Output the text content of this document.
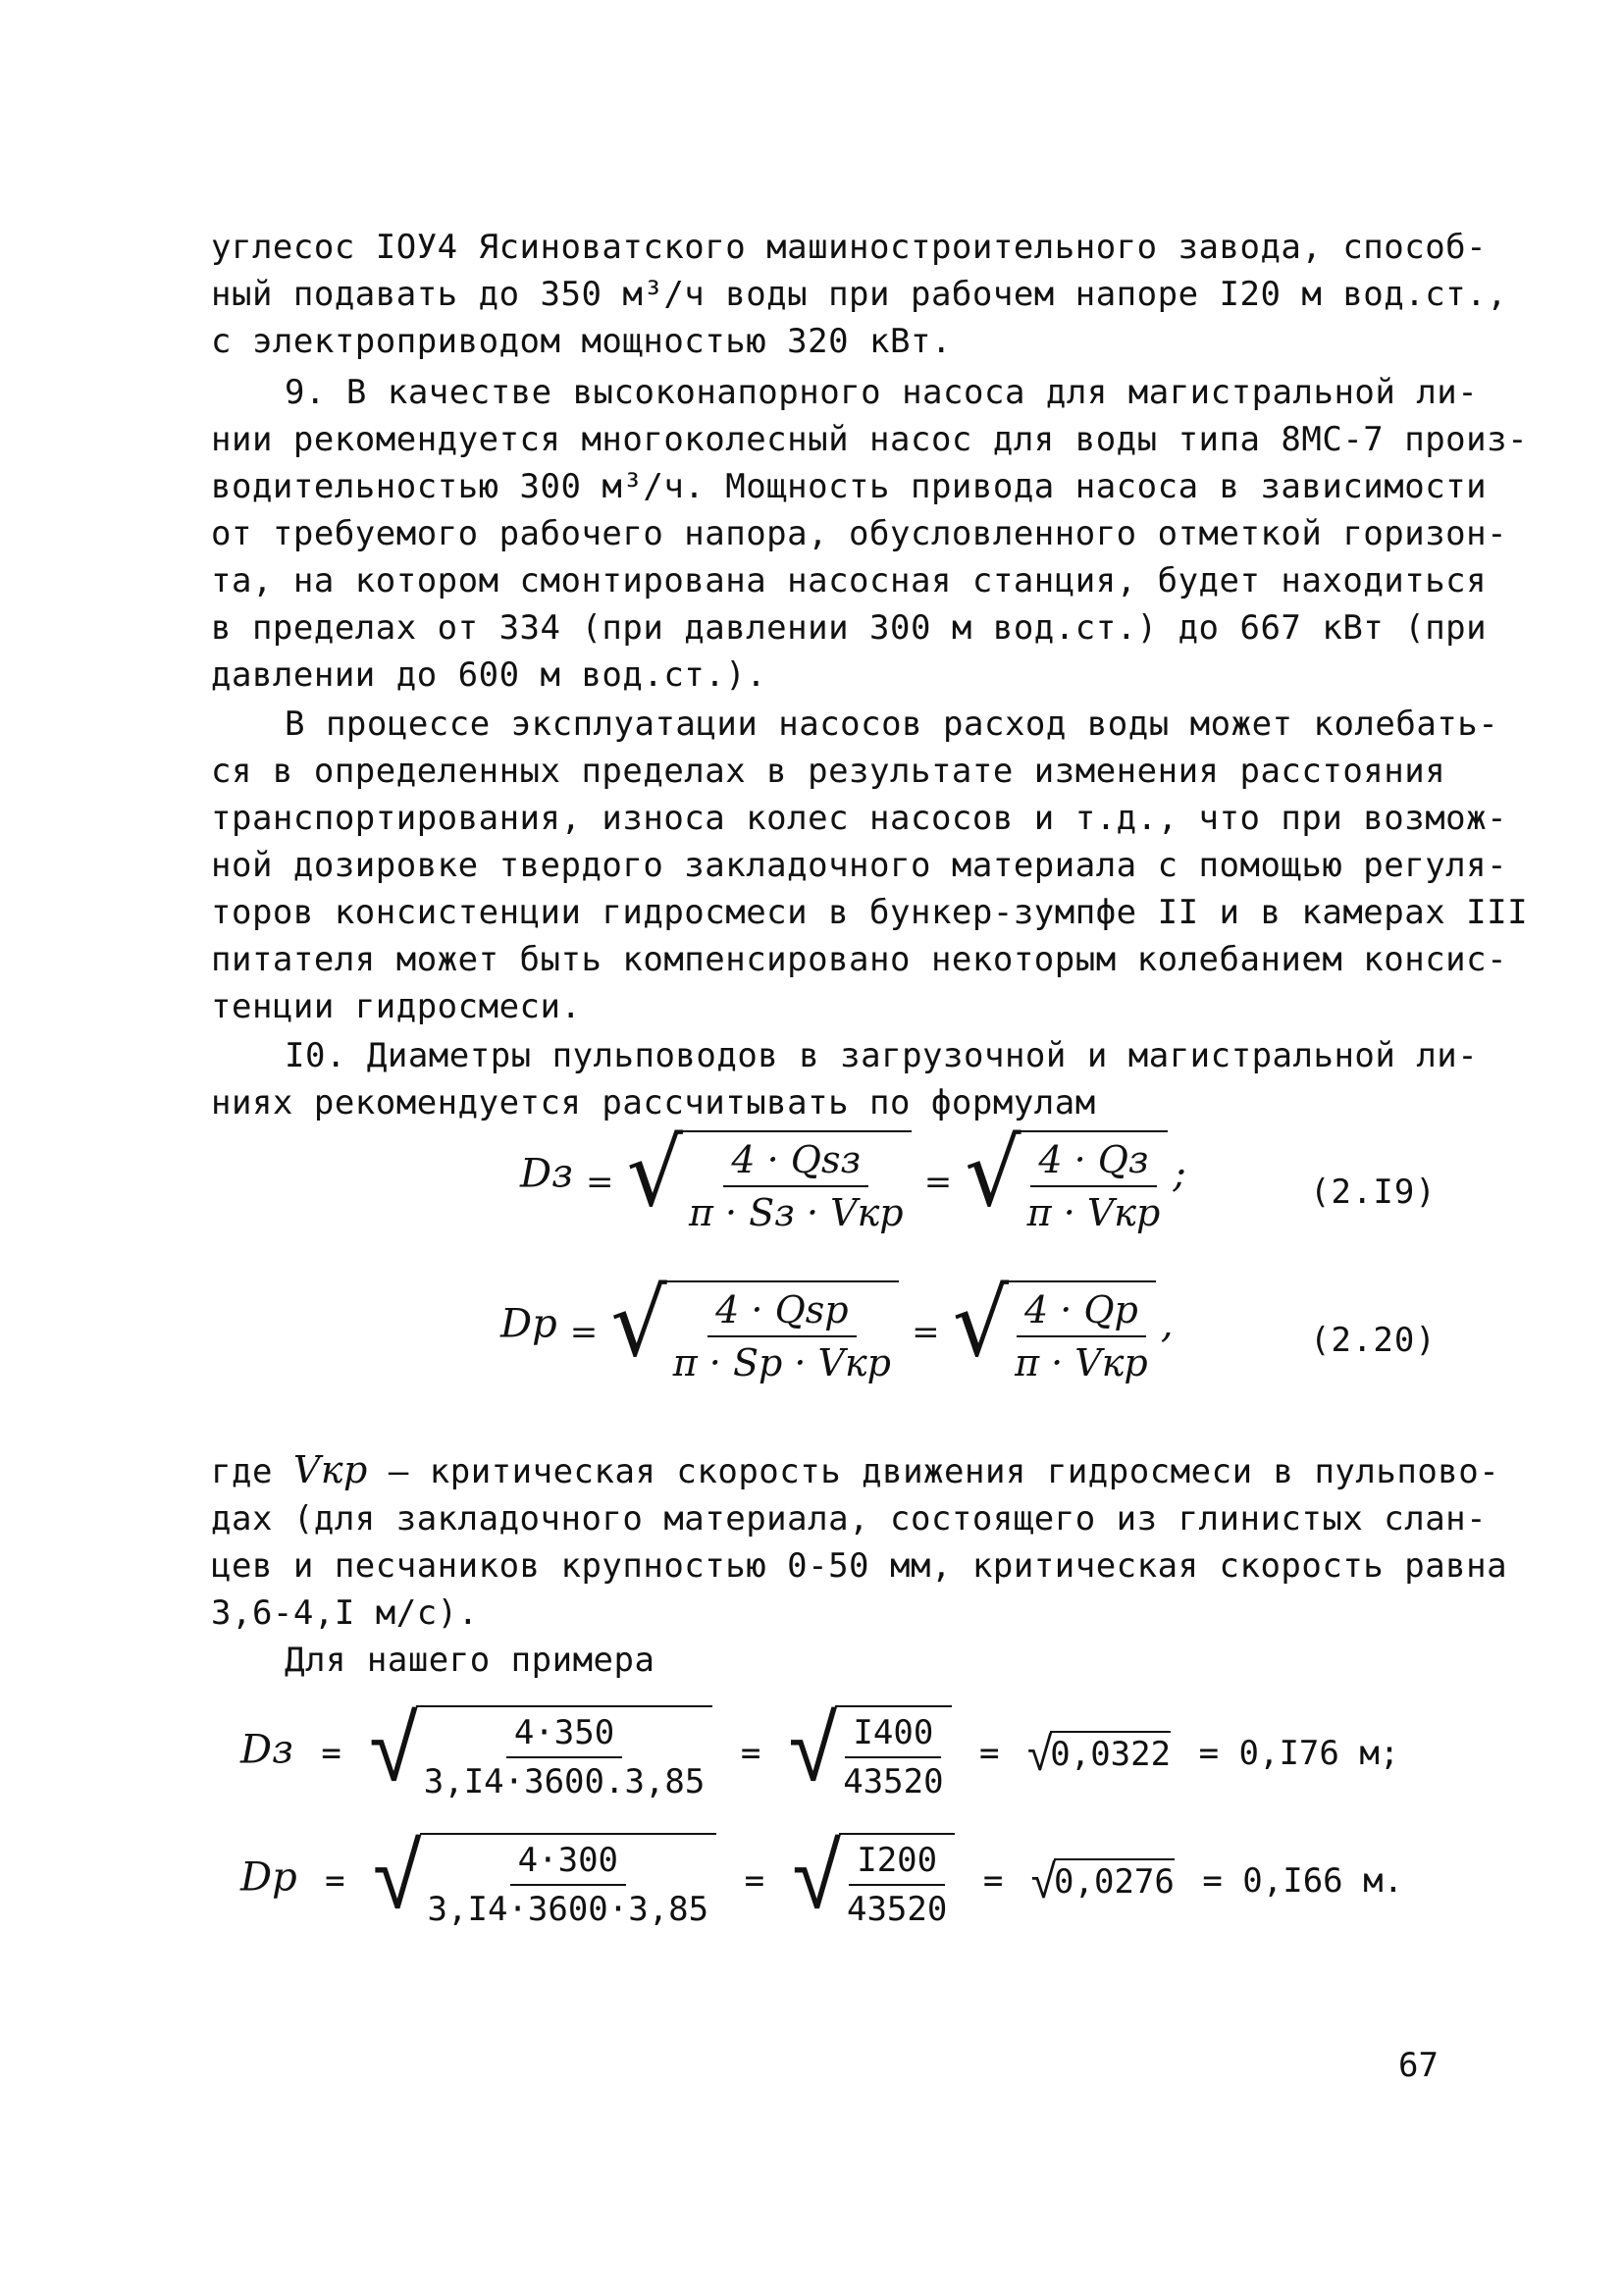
углесос IОУ4 Ясиноватского машиностроительного завода, способ-
ный подавать до 350 м³/ч воды при рабочем напоре I20 м вод.ст.,
с электроприводом мощностью 320 кВт.
9. В качестве высоконапорного насоса для магистральной ли-
нии рекомендуется многоколесный насос для воды типа 8МС-7 произ-
водительностью 300 м³/ч. Мощность привода насоса в зависимости
от требуемого рабочего напора, обусловленного отметкой горизон-
та, на котором смонтирована насосная станция, будет находиться
в пределах от 334 (при давлении 300 м вод.ст.) до 667 кВт (при
давлении до 600 м вод.ст.).
В процессе эксплуатации насосов расход воды может колебать-
ся в определенных пределах в результате изменения расстояния
транспортирования, износа колес насосов и т.д., что при возмож-
ной дозировке твердого закладочного материала с помощью регуля-
торов консистенции гидросмеси в бункер-зумпфе II и в камерах III
питателя может быть компенсировано некоторым колебанием консис-
тенции гидросмеси.
I0. Диаметры пульповодов в загрузочной и магистральной ли-
ниях рекомендуется рассчитывать по формулам
Dз = √
$\frac{\text{4 · Qsз}}{\text{π · Sз · Vкр}}$ = √
$\frac{4 \cdot Qз}{\text{π · Vкр}}$ ;	(2.I9)
Dр = √
$\frac{\text{4 · Qsр}}{\text{π · Sр · Vкр}}$ = √
$\frac{4 \cdot Qр}{\text{π · Vкр}}$ ,	(2.20)
где Vкр – критическая скорость движения гидросмеси в пульпово-
дах (для закладочного материала, состоящего из глинистых слан-
цев и песчаников крупностью 0-50 мм, критическая скорость равна
3,6-4,I м/с).
Для нашего примера
Dз = √
$\frac{4\cdot 350}{3,I4\cdot 3600.3,85}$ = √
$\frac{I400}{43520}$ = √
0,0322 = 0,I76 м;
Dр = √
$\frac{4\cdot 300}{3,I4\cdot 3600\cdot 3,85}$ = √
$\frac{I200}{43520}$ = √
0,0276 = 0,I66 м.
67
